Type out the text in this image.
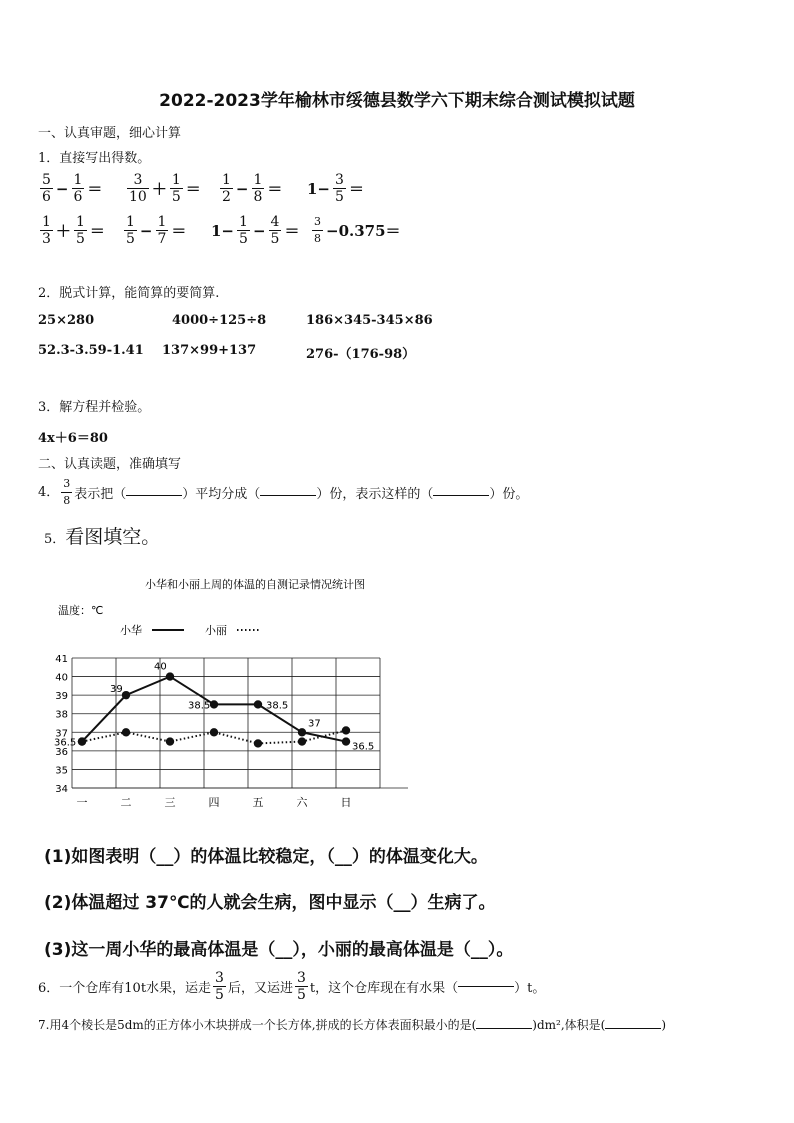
2022-2023学年榆林市绥德县数学六下期末综合测试模拟试题
一、认真审题，细心计算
1．直接写出得数。
$\frac{5}{6} - \frac{1}{6} = \frac{3}{10} + \frac{1}{5} = \frac{1}{2} - \frac{1}{8} = 1- \frac{3}{5}$ ＝
$\frac{1}{3} + \frac{1}{5} = \frac{1}{5} - \frac{1}{7} = 1- \frac{1}{5} - \frac{4}{5} = \frac{3}{8} -0.375=$
2．脱式计算，能简算的要简算.
25×280	4000÷125÷8	186×345-345×86
52.3-3.59-1.41 137×99+137	276-（176-98）
3．解方程并检验。
4x＋6＝80
二、认真读题，准确填写
4． $\frac{3}{8}$ 表示把（	）平均分成（	）份，表示这样的（	）份。
5．看图填空。
小华和小丽上周的体温的自测记录情况统计图
温度：℃
小华	小丽
34
35
36
37
38
39
40
41
一	二	三	四	五	六	日
36.5
39
40
38.5	38.5
37
36.5
(1)如图表明（__）的体温比较稳定，（__）的体温变化大。
(2)体温超过 37℃的人就会生病，图中显示（__）生病了。
(3)这一周小华的最高体温是（__），小丽的最高体温是（__）。
6．一个仓库有10t水果，运走 $\frac{3}{5}$ 后，又运进 $\frac{3}{5}$ t，这个仓库现在有水果（	）t。
7.用4个棱长是5dm的正方体小木块拼成一个长方体,拼成的长方体表面积最小的是(	)dm²,体积是(	)
